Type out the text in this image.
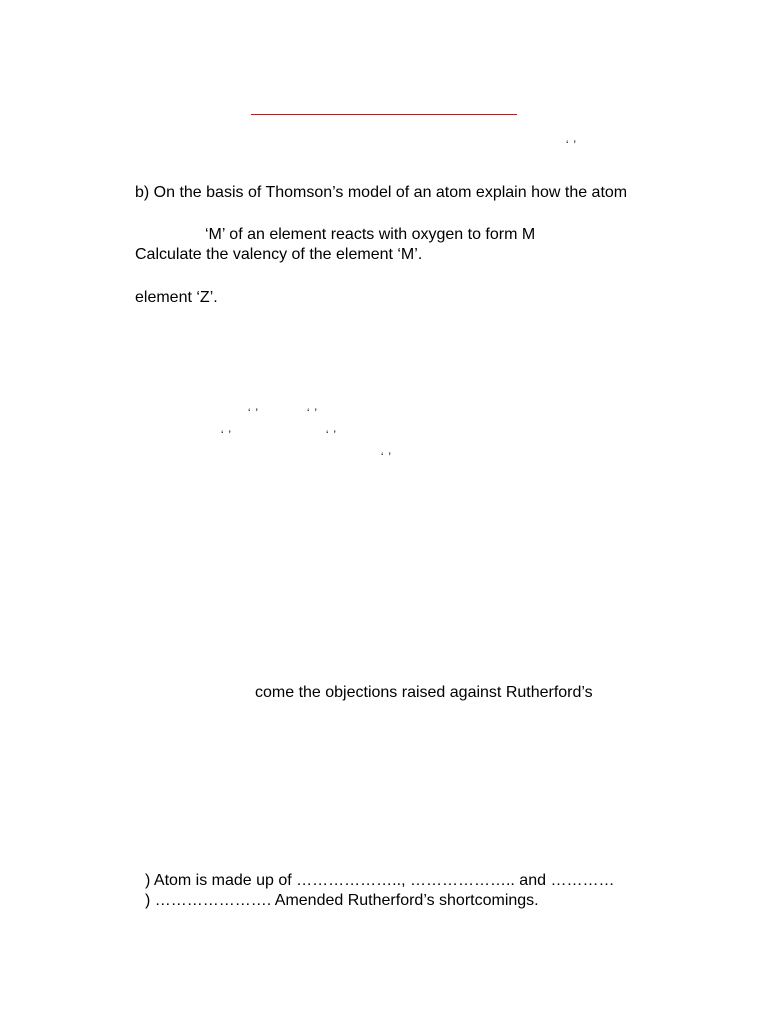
‘ ’
b) On the basis of Thomson’s model of an atom explain how the atom
‘M’ of an element reacts with oxygen to form M
Calculate the valency of the element ‘M’.
element ‘Z’.
‘ ’	‘ ’
‘ ’	‘ ’
‘ ’
come the objections raised against Rutherford’s
) Atom is made up of ……………….., ……………….. and …………
) …………………. Amended Rutherford’s shortcomings.
